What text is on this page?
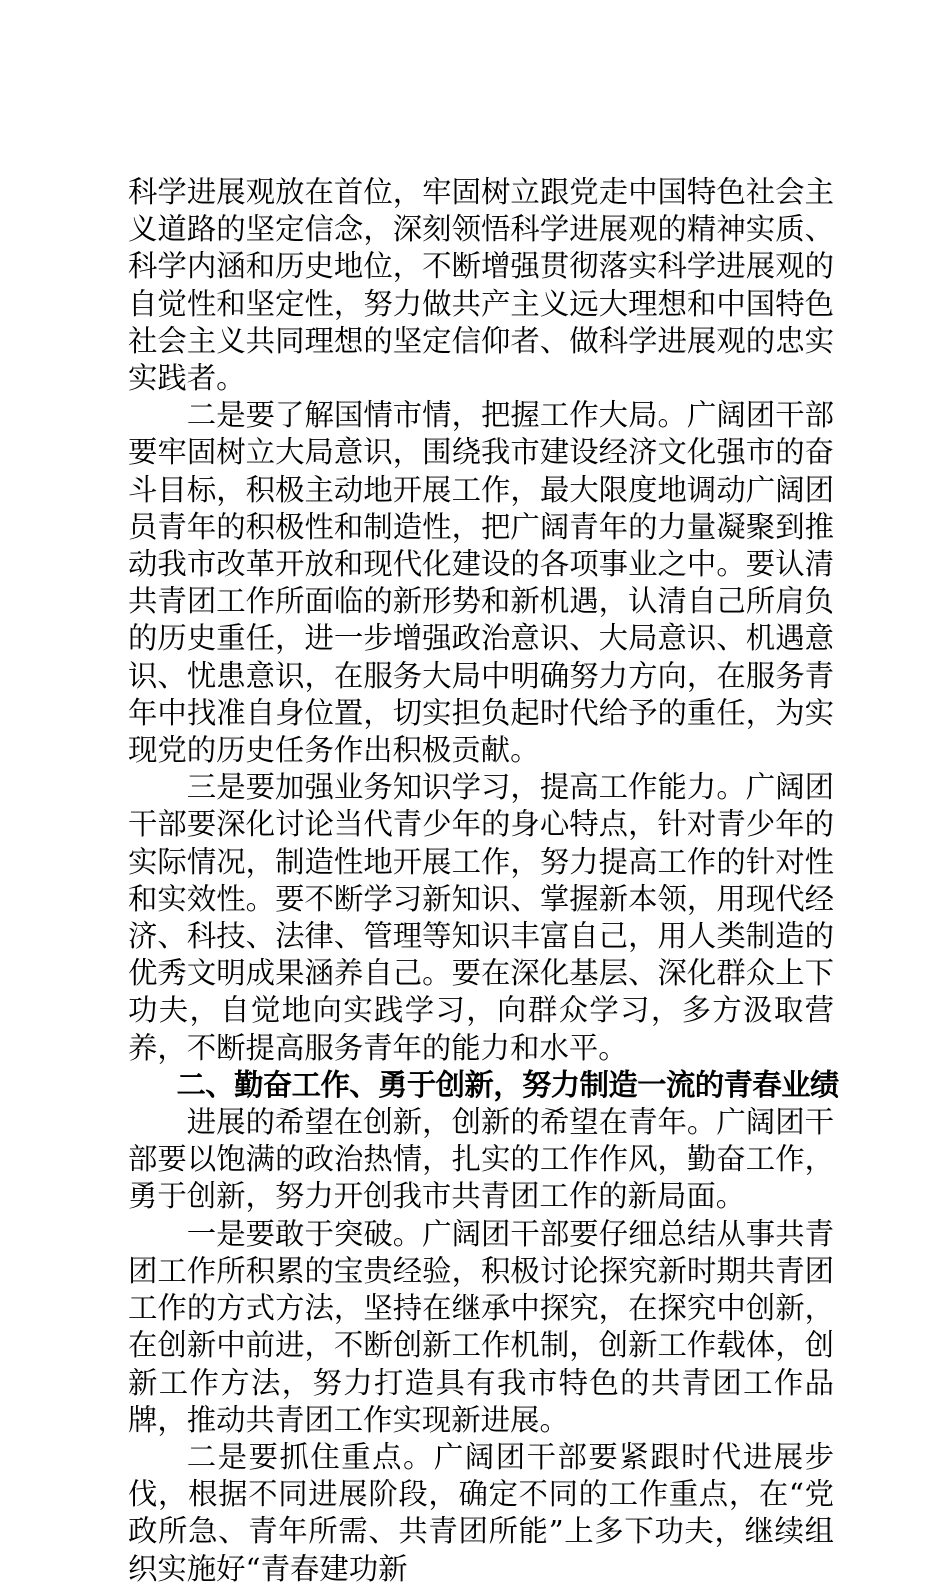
科学进展观放在首位，牢固树立跟党走中国特色社会主义道路的坚定信念，深刻领悟科学进展观的精神实质、科学内涵和历史地位，不断增强贯彻落实科学进展观的自觉性和坚定性，努力做共产主义远大理想和中国特色社会主义共同理想的坚定信仰者、做科学进展观的忠实实践者。

二是要了解国情市情，把握工作大局。广阔团干部要牢固树立大局意识，围绕我市建设经济文化强市的奋斗目标，积极主动地开展工作，最大限度地调动广阔团员青年的积极性和制造性，把广阔青年的力量凝聚到推动我市改革开放和现代化建设的各项事业之中。要认清共青团工作所面临的新形势和新机遇，认清自己所肩负的历史重任，进一步增强政治意识、大局意识、机遇意识、忧患意识，在服务大局中明确努力方向，在服务青年中找准自身位置，切实担负起时代给予的重任，为实现党的历史任务作出积极贡献。

三是要加强业务知识学习，提高工作能力。广阔团干部要深化讨论当代青少年的身心特点，针对青少年的实际情况，制造性地开展工作，努力提高工作的针对性和实效性。要不断学习新知识、掌握新本领，用现代经济、科技、法律、管理等知识丰富自己，用人类制造的优秀文明成果涵养自己。要在深化基层、深化群众上下功夫，自觉地向实践学习，向群众学习，多方汲取营养，不断提高服务青年的能力和水平。

二、勤奋工作、勇于创新，努力制造一流的青春业绩

进展的希望在创新，创新的希望在青年。广阔团干部要以饱满的政治热情，扎实的工作作风，勤奋工作，勇于创新，努力开创我市共青团工作的新局面。

一是要敢于突破。广阔团干部要仔细总结从事共青团工作所积累的宝贵经验，积极讨论探究新时期共青团工作的方式方法，坚持在继承中探究，在探究中创新，在创新中前进，不断创新工作机制，创新工作载体，创新工作方法，努力打造具有我市特色的共青团工作品牌，推动共青团工作实现新进展。

二是要抓住重点。广阔团干部要紧跟时代进展步伐，根据不同进展阶段，确定不同的工作重点，在“党政所急、青年所需、共青团所能”上多下功夫，继续组织实施好“青春建功新
